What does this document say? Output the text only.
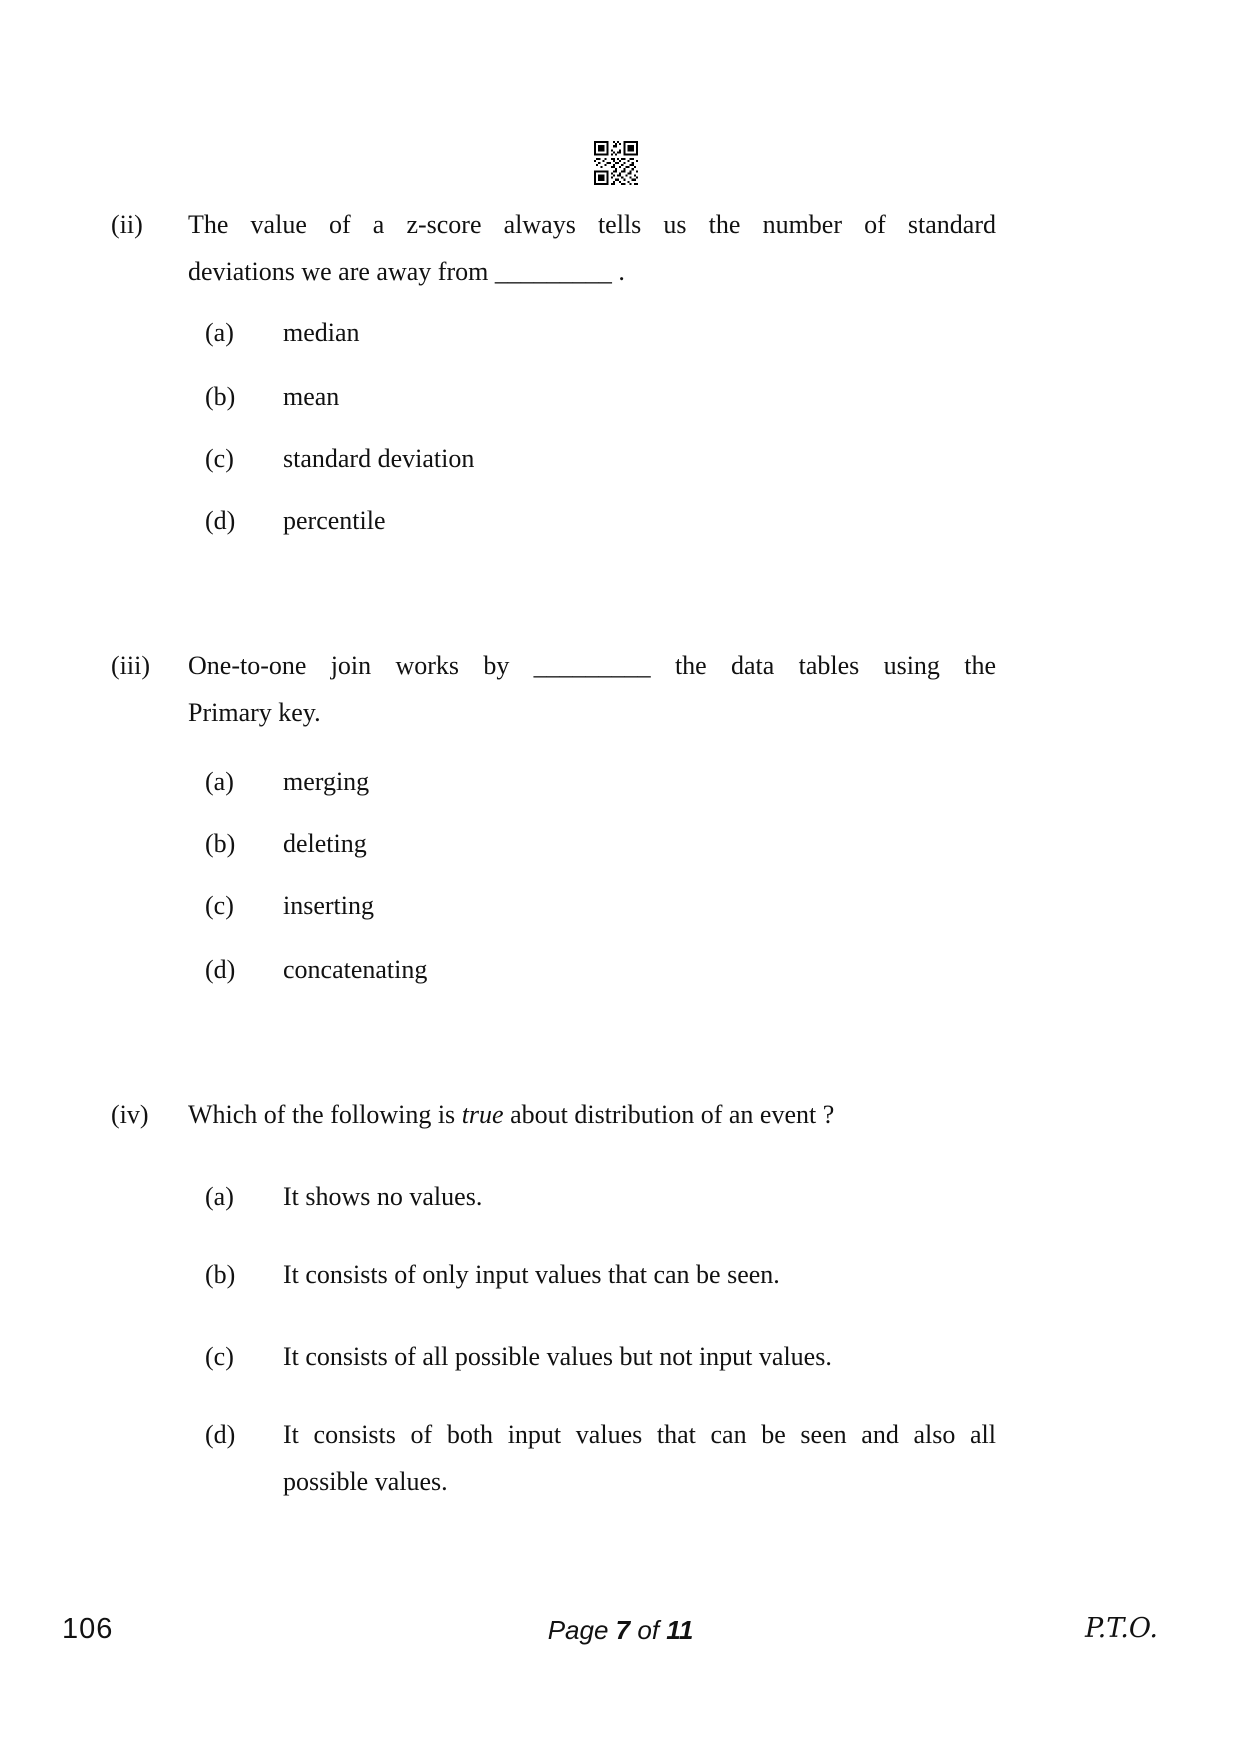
(ii) The value of a z-score always tells us the number of standard
deviations we are away from _________ .
(a) median
(b) mean
(c) standard deviation
(d) percentile
(iii) One-to-one join works by _________ the data tables using the
Primary key.
(a) merging
(b) deleting
(c) inserting
(d) concatenating
(iv) Which of the following is true about distribution of an event ?
(a) It shows no values.
(b) It consists of only input values that can be seen.
(c) It consists of all possible values but not input values.
(d) It consists of both input values that can be seen and also all
possible values.
106	Page 7 of 11	P.T.O.
